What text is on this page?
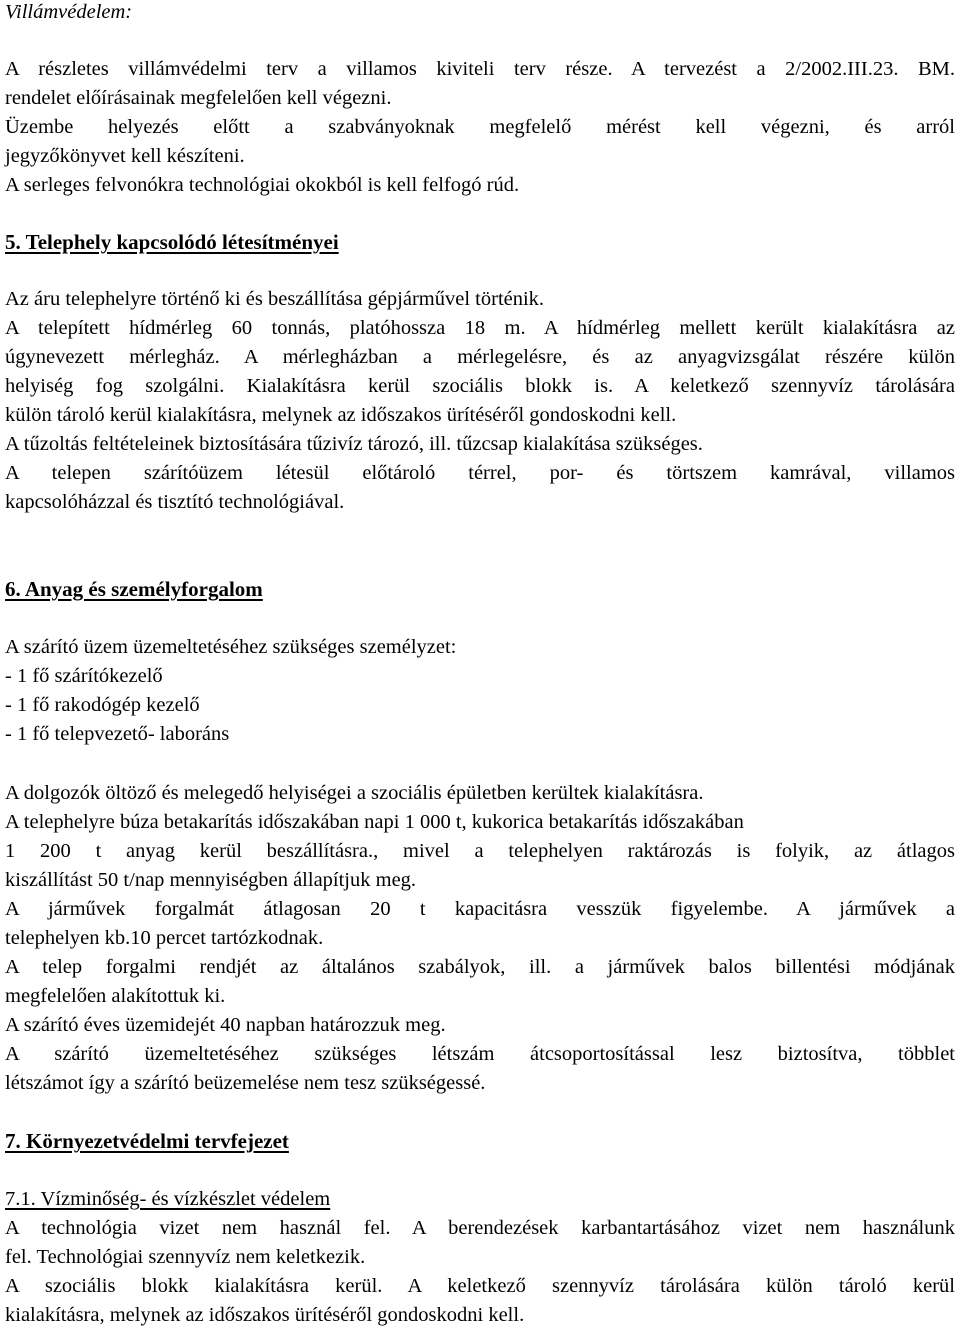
Villámvédelem:
A részletes villámvédelmi terv a villamos kiviteli terv része. A tervezést a 2/2002.III.23. BM.
rendelet előírásainak megfelelően kell végezni.
Üzembe helyezés előtt a szabványoknak megfelelő mérést kell végezni, és arról
jegyzőkönyvet kell készíteni.
A serleges felvonókra technológiai okokból is kell felfogó rúd.
5. Telephely kapcsolódó létesítményei
Az áru telephelyre történő ki és beszállítása gépjárművel történik.
A telepített hídmérleg 60 tonnás, platóhossza 18 m. A hídmérleg mellett került kialakításra az
úgynevezett mérlegház. A mérlegházban a mérlegelésre, és az anyagvizsgálat részére külön
helyiség fog szolgálni. Kialakításra kerül szociális blokk is. A keletkező szennyvíz tárolására
külön tároló kerül kialakításra, melynek az időszakos ürítéséről gondoskodni kell.
A tűzoltás feltételeinek biztosítására tűzivíz tározó, ill. tűzcsap kialakítása szükséges.
A telepen szárítóüzem létesül előtároló térrel, por- és törtszem kamrával, villamos
kapcsolóházzal és tisztító technológiával.
6. Anyag és személyforgalom
A szárító üzem üzemeltetéséhez szükséges személyzet:
- 1 fő szárítókezelő
- 1 fő rakodógép kezelő
- 1 fő telepvezető- laboráns
A dolgozók öltöző és melegedő helyiségei a szociális épületben kerültek kialakításra.
A telephelyre búza betakarítás időszakában napi 1 000 t, kukorica betakarítás időszakában
1 200 t anyag kerül beszállításra., mivel a telephelyen raktározás is folyik, az átlagos
kiszállítást 50 t/nap mennyiségben állapítjuk meg.
A járművek forgalmát átlagosan 20 t kapacitásra vesszük figyelembe. A járművek a
telephelyen kb.10 percet tartózkodnak.
A telep forgalmi rendjét az általános szabályok, ill. a járművek balos billentési módjának
megfelelően alakítottuk ki.
A szárító éves üzemidejét 40 napban határozzuk meg.
A szárító üzemeltetéséhez szükséges létszám átcsoportosítással lesz biztosítva, többlet
létszámot így a szárító beüzemelése nem tesz szükségessé.
7. Környezetvédelmi tervfejezet
7.1. Vízminőség- és vízkészlet védelem
A technológia vizet nem használ fel. A berendezések karbantartásához vizet nem használunk
fel. Technológiai szennyvíz nem keletkezik.
A szociális blokk kialakításra kerül. A keletkező szennyvíz tárolására külön tároló kerül
kialakításra, melynek az időszakos ürítéséről gondoskodni kell.
